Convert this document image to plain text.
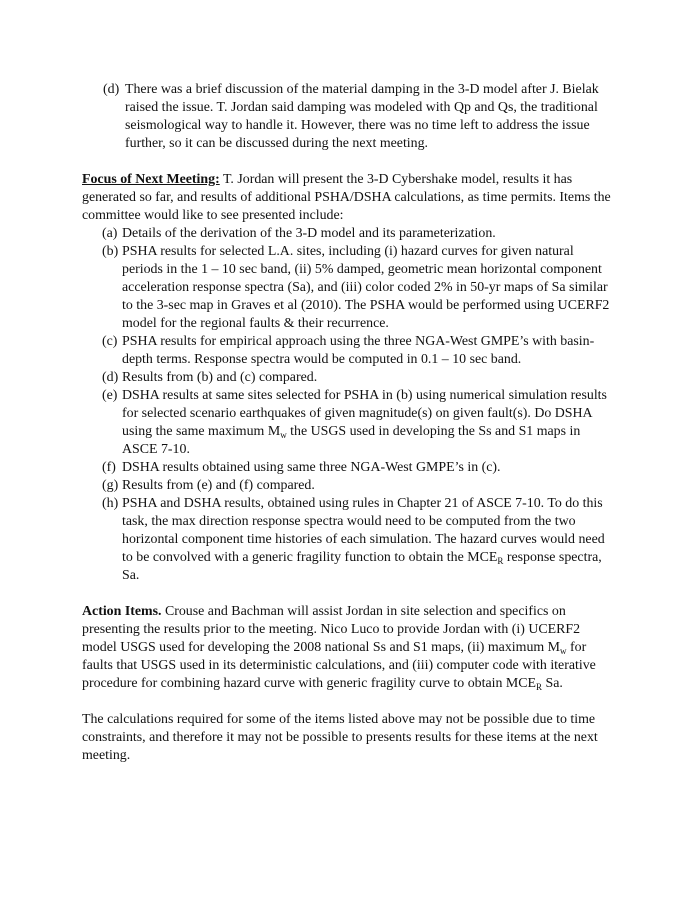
(d) There was a brief discussion of the material damping in the 3-D model after J. Bielak raised the issue. T. Jordan said damping was modeled with Qp and Qs, the traditional seismological way to handle it. However, there was no time left to address the issue further, so it can be discussed during the next meeting.

Focus of Next Meeting: T. Jordan will present the 3-D Cybershake model, results it has generated so far, and results of additional PSHA/DSHA calculations, as time permits. Items the committee would like to see presented include:

(a) Details of the derivation of the 3-D model and its parameterization.
(b) PSHA results for selected L.A. sites, including (i) hazard curves for given natural periods in the 1 – 10 sec band, (ii) 5% damped, geometric mean horizontal component acceleration response spectra (Sa), and (iii) color coded 2% in 50-yr maps of Sa similar to the 3-sec map in Graves et al (2010). The PSHA would be performed using UCERF2 model for the regional faults & their recurrence.
(c) PSHA results for empirical approach using the three NGA-West GMPE’s with basin-depth terms. Response spectra would be computed in 0.1 – 10 sec band.
(d) Results from (b) and (c) compared.
(e) DSHA results at same sites selected for PSHA in (b) using numerical simulation results for selected scenario earthquakes of given magnitude(s) on given fault(s). Do DSHA using the same maximum $M_w$ the USGS used in developing the Ss and S1 maps in ASCE 7-10.
(f) DSHA results obtained using same three NGA-West GMPE’s in (c).
(g) Results from (e) and (f) compared.
(h) PSHA and DSHA results, obtained using rules in Chapter 21 of ASCE 7-10. To do this task, the max direction response spectra would need to be computed from the two horizontal component time histories of each simulation. The hazard curves would need to be convolved with a generic fragility function to obtain the $MCE_R$ response spectra, Sa.

Action Items. Crouse and Bachman will assist Jordan in site selection and specifics on presenting the results prior to the meeting. Nico Luco to provide Jordan with (i) UCERF2 model USGS used for developing the 2008 national Ss and S1 maps, (ii) maximum $M_w$ for faults that USGS used in its deterministic calculations, and (iii) computer code with iterative procedure for combining hazard curve with generic fragility curve to obtain $MCE_R$ Sa.

The calculations required for some of the items listed above may not be possible due to time constraints, and therefore it may not be possible to presents results for these items at the next meeting.
